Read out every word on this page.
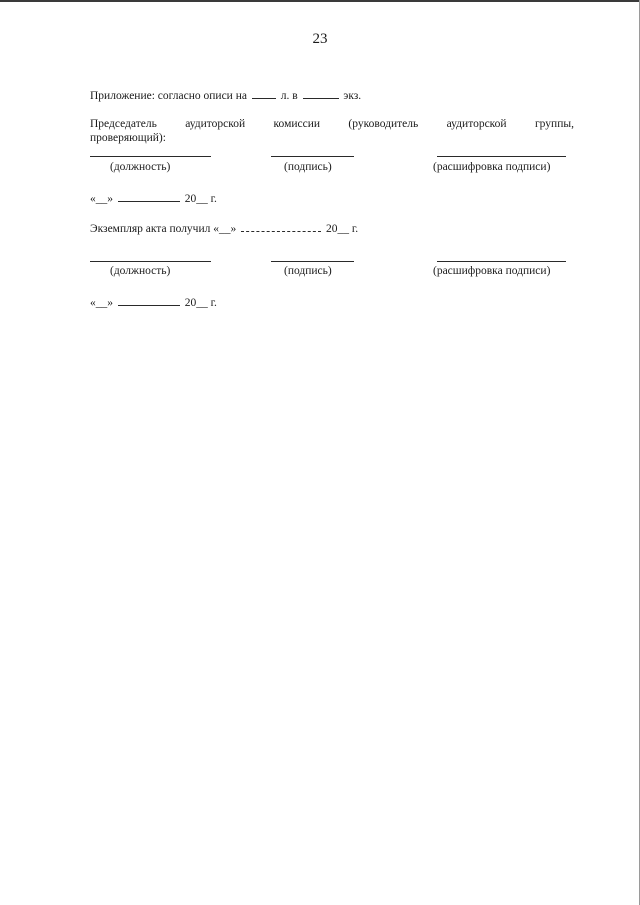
23
Приложение: согласно описи на	л. в	экз.
Председатель аудиторской комиссии (руководитель аудиторской группы,
проверяющий):
(должность)	(подпись)	(расшифровка подписи)
«__»	20__ г.
Экземпляр акта получил «__»	20__ г.
(должность)	(подпись)	(расшифровка подписи)
«__»	20__ г.
